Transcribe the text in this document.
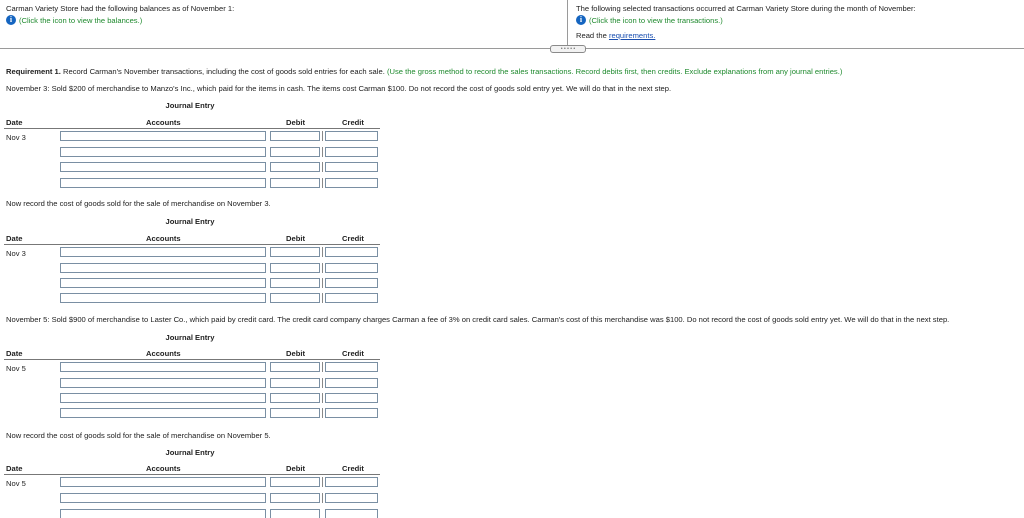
Carman Variety Store had the following balances as of November 1:
i (Click the icon to view the balances.)
The following selected transactions occurred at Carman Variety Store during the month of November:
i (Click the icon to view the transactions.)
Read the requirements.
• • • • •
Requirement 1. Record Carman's November transactions, including the cost of goods sold entries for each sale. (Use the gross method to record the sales transactions. Record debits first, then credits. Exclude explanations from any journal entries.)
November 3: Sold $200 of merchandise to Manzo's Inc., which paid for the items in cash. The items cost Carman $100. Do not record the cost of goods sold entry yet. We will do that in the next step.
Journal Entry
Date	Accounts	Debit	Credit
Nov 3
Now record the cost of goods sold for the sale of merchandise on November 3.
Journal Entry
Date	Accounts	Debit	Credit
Nov 3
November 5: Sold $900 of merchandise to Laster Co., which paid by credit card. The credit card company charges Carman a fee of 3% on credit card sales. Carman's cost of this merchandise was $100. Do not record the cost of goods sold entry yet. We will do that in the next step.
Journal Entry
Date	Accounts	Debit	Credit
Nov 5
Now record the cost of goods sold for the sale of merchandise on November 5.
Journal Entry
Date	Accounts	Debit	Credit
Nov 5
